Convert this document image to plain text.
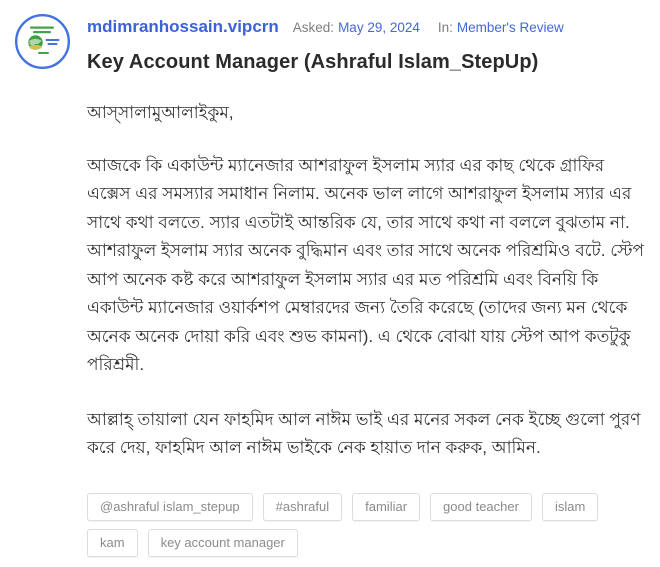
mdimranhossain.vipcrn Asked: May 29, 2024 In: Member's Review
Key Account Manager (Ashraful Islam_StepUp)

আস্‌সালামুআলাইকুম,

আজকে কি একাউন্ট ম্যানেজার আশরাফুল ইসলাম স্যার এর কাছ থেকে গ্রাফির এক্সেস এর সমস্যার সমাধান নিলাম. অনেক ভাল লাগে আশরাফুল ইসলাম স্যার এর সাথে কথা বলতে. স্যার এতটাই আন্তরিক যে, তার সাথে কথা না বললে বুঝতাম না. আশরাফুল ইসলাম স্যার অনেক বুদ্ধিমান এবং তার সাথে অনেক পরিশ্রমিও বটে. স্টেপ আপ অনেক কষ্ট করে আশরাফুল ইসলাম স্যার এর মত পরিশ্রমি এবং বিনয়ি কি একাউন্ট ম্যানেজার ওয়ার্কশপ মেম্বারদের জন্য তৈরি করেছে (তাদের জন্য মন থেকে অনেক অনেক দোয়া করি এবং শুভ কামনা). এ থেকে বোঝা যায় স্টেপ আপ কতটুকু পরিশ্রমী.

আল্লাহ্‌ তায়ালা যেন ফাহমিদ আল নাঈম ভাই এর মনের সকল নেক ইচ্ছে গুলো পুরণ করে দেয়, ফাহমিদ আল নাঈম ভাইকে নেক হায়াত দান করুক, আমিন.

@ashraful islam_stepup	#ashraful	familiar	good teacher	islam
kam	key account manager
